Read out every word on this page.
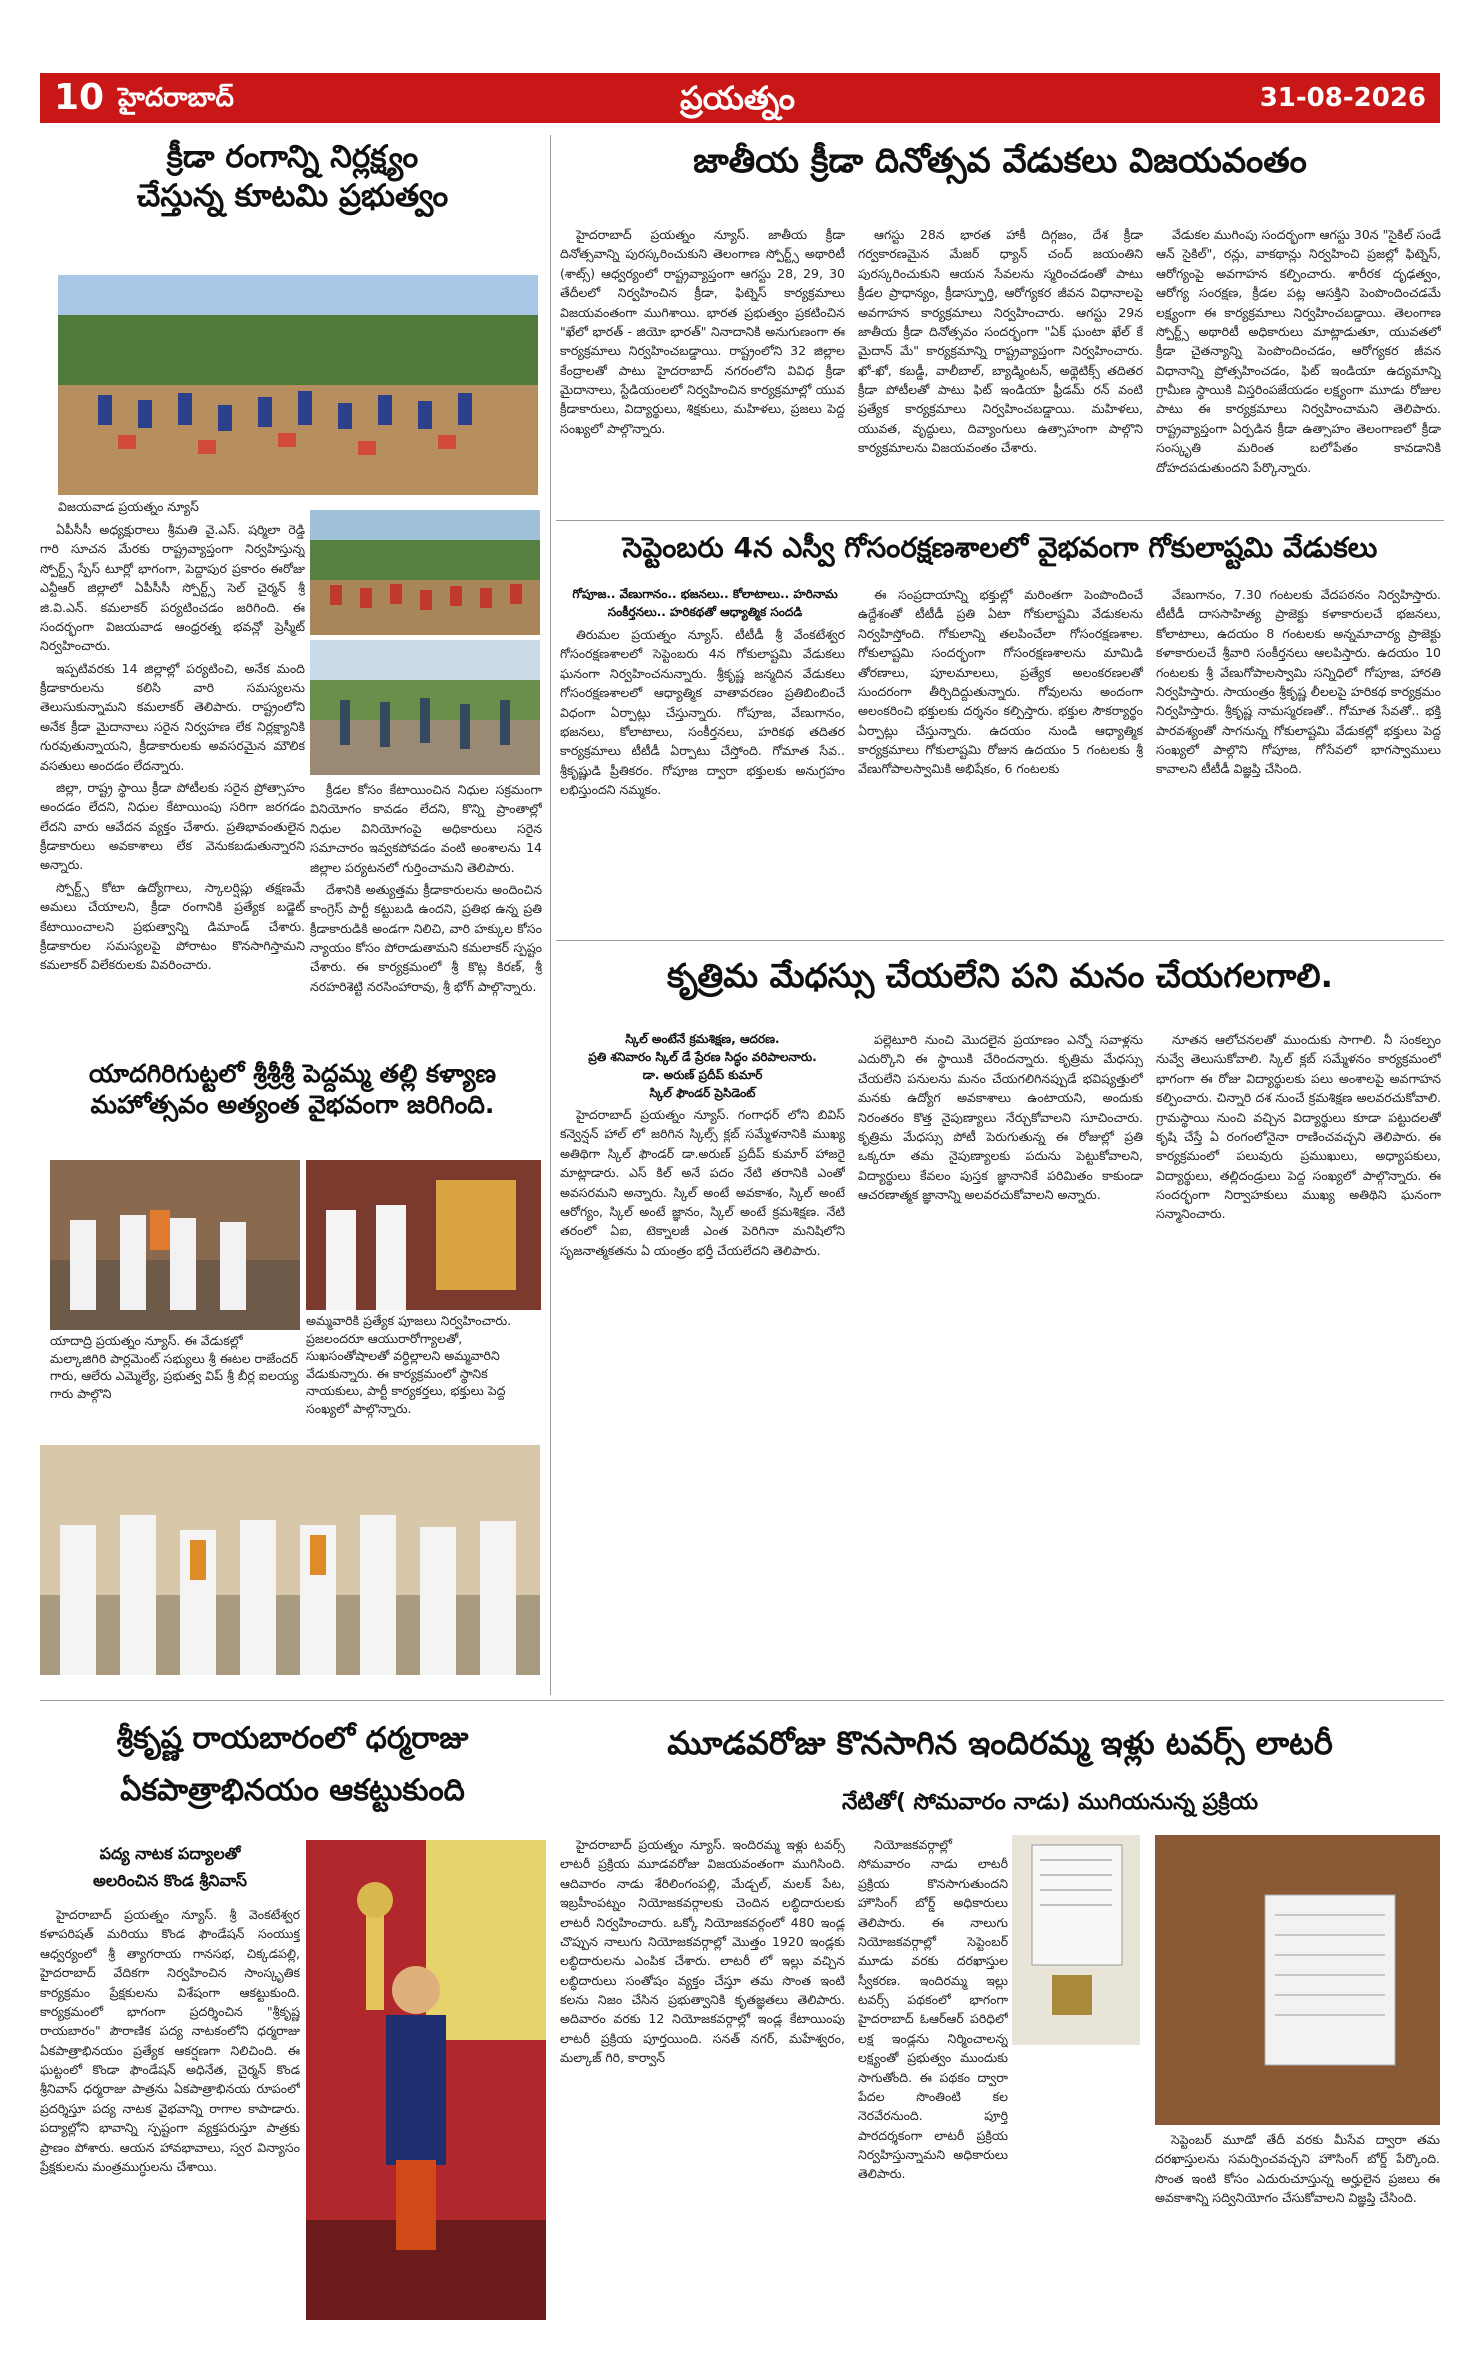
10 హైదరాబాద్	ప్రయత్నం	31-08-2026
క్రీడా రంగాన్ని నిర్లక్ష్యం
చేస్తున్న కూటమి ప్రభుత్వం
విజయవాడ ప్రయత్నం న్యూస్

ఏపీసీసీ అధ్యక్షురాలు శ్రీమతి వై.ఎస్. షర్మిలా రెడ్డి గారి సూచన మేరకు రాష్ట్రవ్యాప్తంగా నిర్వహిస్తున్న స్పోర్ట్స్ స్పేస్ టూర్లో భాగంగా, పెద్దాపుర ప్రకారం ఈరోజు ఎన్టీఆర్ జిల్లాలో ఏపీసీసీ స్పోర్ట్స్ సెల్ చైర్మన్ శ్రీ జి.వి.ఎన్. కమలాకర్ పర్యటించడం జరిగింది. ఈ సందర్భంగా విజయవాడ ఆంధ్రరత్న భవన్లో ప్రెస్మీట్ నిర్వహించారు.

ఇప్పటివరకు 14 జిల్లాల్లో పర్యటించి, అనేక మంది క్రీడాకారులను కలిసి వారి సమస్యలను తెలుసుకున్నామని కమలాకర్ తెలిపారు. రాష్ట్రంలోని అనేక క్రీడా మైదానాలు సరైన నిర్వహణ లేక నిర్లక్ష్యానికి గురవుతున్నాయని, క్రీడాకారులకు అవసరమైన మౌలిక వసతులు అందడం లేదన్నారు.

జిల్లా, రాష్ట్ర స్థాయి క్రీడా పోటీలకు సరైన ప్రోత్సాహం అందడం లేదని, నిధుల కేటాయింపు సరిగా జరగడం లేదని వారు ఆవేదన వ్యక్తం చేశారు. ప్రతిభావంతులైన క్రీడాకారులు అవకాశాలు లేక వెనుకబడుతున్నారని అన్నారు.

స్పోర్ట్స్ కోటా ఉద్యోగాలు, స్కాలర్షిప్లు తక్షణమే అమలు చేయాలని, క్రీడా రంగానికి ప్రత్యేక బడ్జెట్ కేటాయించాలని ప్రభుత్వాన్ని డిమాండ్ చేశారు. క్రీడాకారుల సమస్యలపై పోరాటం కొనసాగిస్తామని కమలాకర్ విలేకరులకు వివరించారు.

క్రీడల కోసం కేటాయించిన నిధుల సక్రమంగా వినియోగం కావడం లేదని, కొన్ని ప్రాంతాల్లో నిధుల వినియోగంపై అధికారులు సరైన సమాచారం ఇవ్వకపోవడం వంటి అంశాలను 14 జిల్లాల పర్యటనలో గుర్తించామని తెలిపారు.

దేశానికి అత్యుత్తమ క్రీడాకారులను అందించిన కాంగ్రెస్ పార్టీ కట్టుబడి ఉందని, ప్రతిభ ఉన్న ప్రతి క్రీడాకారుడికి అండగా నిలిచి, వారి హక్కుల కోసం న్యాయం కోసం పోరాడుతామని కమలాకర్ స్పష్టం చేశారు. ఈ కార్యక్రమంలో శ్రీ కొట్ల కిరణ్, శ్రీ నరహరిశెట్టి నరసింహారావు, శ్రీ భోగ్ పాల్గొన్నారు.

జాతీయ క్రీడా దినోత్సవ వేడుకలు విజయవంతం

హైదరాబాద్ ప్రయత్నం న్యూస్. జాతీయ క్రీడా దినోత్సవాన్ని పురస్కరించుకుని తెలంగాణ స్పోర్ట్స్ అథారిటీ (శాట్స్) ఆధ్వర్యంలో రాష్ట్రవ్యాప్తంగా ఆగస్టు 28, 29, 30 తేదీలలో నిర్వహించిన క్రీడా, ఫిట్నెస్ కార్యక్రమాలు విజయవంతంగా ముగిశాయి. భారత ప్రభుత్వం ప్రకటించిన "ఖేలో భారత్ - జియో భారత్" నినాదానికి అనుగుణంగా ఈ కార్యక్రమాలు నిర్వహించబడ్డాయి. రాష్ట్రంలోని 32 జిల్లాల కేంద్రాలతో పాటు హైదరాబాద్ నగరంలోని వివిధ క్రీడా మైదానాలు, స్టేడియంలలో నిర్వహించిన కార్యక్రమాల్లో యువ క్రీడాకారులు, విద్యార్థులు, శిక్షకులు, మహిళలు, ప్రజలు పెద్ద సంఖ్యలో పాల్గొన్నారు.

ఆగస్టు 28న భారత హాకీ దిగ్గజం, దేశ క్రీడా గర్వకారణమైన మేజర్ ధ్యాన్ చంద్ జయంతిని పురస్కరించుకుని ఆయన సేవలను స్మరించడంతో పాటు క్రీడల ప్రాధాన్యం, క్రీడాస్ఫూర్తి, ఆరోగ్యకర జీవన విధానాలపై అవగాహన కార్యక్రమాలు నిర్వహించారు. ఆగస్టు 29న జాతీయ క్రీడా దినోత్సవం సందర్భంగా "ఏక్ ఘంటా ఖేల్ కే మైదాన్ మే" కార్యక్రమాన్ని రాష్ట్రవ్యాప్తంగా నిర్వహించారు. ఖో-ఖో, కబడ్డీ, వాలీబాల్, బ్యాడ్మింటన్, అథ్లెటిక్స్ తదితర క్రీడా పోటీలతో పాటు ఫిట్ ఇండియా ఫ్రీడమ్ రన్ వంటి ప్రత్యేక కార్యక్రమాలు నిర్వహించబడ్డాయి. మహిళలు, యువత, వృద్ధులు, దివ్యాంగులు ఉత్సాహంగా పాల్గొని కార్యక్రమాలను విజయవంతం చేశారు.

వేడుకల ముగింపు సందర్భంగా ఆగస్టు 30న "సైకిల్ సండే ఆన్ సైకిల్", రన్లు, వాకథాన్లు నిర్వహించి ప్రజల్లో ఫిట్నెస్, ఆరోగ్యంపై అవగాహన కల్పించారు. శారీరక దృఢత్వం, ఆరోగ్య సంరక్షణ, క్రీడల పట్ల ఆసక్తిని పెంపొందించడమే లక్ష్యంగా ఈ కార్యక్రమాలు నిర్వహించబడ్డాయి. తెలంగాణ స్పోర్ట్స్ అథారిటీ అధికారులు మాట్లాడుతూ, యువతలో క్రీడా చైతన్యాన్ని పెంపొందించడం, ఆరోగ్యకర జీవన విధానాన్ని ప్రోత్సహించడం, ఫిట్ ఇండియా ఉద్యమాన్ని గ్రామీణ స్థాయికి విస్తరింపజేయడం లక్ష్యంగా మూడు రోజుల పాటు ఈ కార్యక్రమాలు నిర్వహించామని తెలిపారు. రాష్ట్రవ్యాప్తంగా ఏర్పడిన క్రీడా ఉత్సాహం తెలంగాణలో క్రీడా సంస్కృతి మరింత బలోపేతం కావడానికి దోహదపడుతుందని పేర్కొన్నారు.

సెప్టెంబరు 4న ఎస్వీ గోసంరక్షణశాలలో వైభవంగా గోకులాష్టమి వేడుకలు
గోపూజ.. వేణుగానం.. భజనలు.. కోలాటాలు.. హరినామ సంకీర్తనలు.. హరికథతో ఆధ్యాత్మిక సందడి

తిరుమల ప్రయత్నం న్యూస్. టీటీడీ శ్రీ వేంకటేశ్వర గోసంరక్షణశాలలో సెప్టెంబరు 4న గోకులాష్టమి వేడుకలు ఘనంగా నిర్వహించనున్నారు. శ్రీకృష్ణ జన్మదిన వేడుకలు గోసంరక్షణశాలలో ఆధ్యాత్మిక వాతావరణం ప్రతిబింబించే విధంగా ఏర్పాట్లు చేస్తున్నారు. గోపూజ, వేణుగానం, భజనలు, కోలాటాలు, సంకీర్తనలు, హరికథ తదితర కార్యక్రమాలు టీటీడీ ఏర్పాటు చేస్తోంది. గోమాత సేవ.. శ్రీకృష్ణుడి ప్రీతికరం. గోపూజ ద్వారా భక్తులకు అనుగ్రహం లభిస్తుందని నమ్మకం.

ఈ సంప్రదాయాన్ని భక్తుల్లో మరింతగా పెంపొందించే ఉద్దేశంతో టీటీడీ ప్రతి ఏటా గోకులాష్టమి వేడుకలను నిర్వహిస్తోంది. గోకులాన్ని తలపించేలా గోసంరక్షణశాల. గోకులాష్టమి సందర్భంగా గోసంరక్షణశాలను మామిడి తోరణాలు, పూలమాలలు, ప్రత్యేక అలంకరణలతో సుందరంగా తీర్చిదిద్దుతున్నారు. గోవులను అందంగా అలంకరించి భక్తులకు దర్శనం కల్పిస్తారు. భక్తుల సౌకర్యార్థం ఏర్పాట్లు చేస్తున్నారు. ఉదయం నుండి ఆధ్యాత్మిక కార్యక్రమాలు గోకులాష్టమి రోజున ఉదయం 5 గంటలకు శ్రీ వేణుగోపాలస్వామికి అభిషేకం, 6 గంటలకు

వేణుగానం, 7.30 గంటలకు వేదపఠనం నిర్వహిస్తారు. టీటీడీ దాససాహిత్య ప్రాజెక్టు కళాకారులచే భజనలు, కోలాటాలు, ఉదయం 8 గంటలకు అన్నమాచార్య ప్రాజెక్టు కళాకారులచే శ్రీవారి సంకీర్తనలు ఆలపిస్తారు. ఉదయం 10 గంటలకు శ్రీ వేణుగోపాలస్వామి సన్నిధిలో గోపూజ, హారతి నిర్వహిస్తారు. సాయంత్రం శ్రీకృష్ణ లీలలపై హరికథ కార్యక్రమం నిర్వహిస్తారు. శ్రీకృష్ణ నామస్మరణతో.. గోమాత సేవతో.. భక్తి పారవశ్యంతో సాగనున్న గోకులాష్టమి వేడుకల్లో భక్తులు పెద్ద సంఖ్యలో పాల్గొని గోపూజ, గోసేవలో భాగస్వాములు కావాలని టీటీడీ విజ్ఞప్తి చేసింది.

కృత్రిమ మేధస్సు చేయలేని పని మనం చేయగలగాలి.
స్కిల్ అంటేనే క్రమశిక్షణ, ఆదరణ.
ప్రతి శనివారం స్కిల్ డే ప్రేరణ సిద్ధం వరిపాలనారు.
డా. అరుణ్ ప్రదీప్ కుమార్
స్కిల్ ఫౌండర్ ప్రెసిడెంట్

హైదరాబాద్ ప్రయత్నం న్యూస్. గంగాధర్ లోని బివిస్ కన్వెన్షన్ హాల్ లో జరిగిన స్కిల్స్ క్లబ్ సమ్మేళనానికి ముఖ్య అతిథిగా స్కిల్ ఫౌండర్ డా.అరుణ్ ప్రదీప్ కుమార్ హాజరై మాట్లాడారు. ఎస్ కిల్ అనే పదం నేటి తరానికి ఎంతో అవసరమని అన్నారు. స్కిల్ అంటే అవకాశం, స్కిల్ అంటే ఆరోగ్యం, స్కిల్ అంటే జ్ఞానం, స్కిల్ అంటే క్రమశిక్షణ. నేటి తరంలో ఏఐ, టెక్నాలజీ ఎంత పెరిగినా మనిషిలోని సృజనాత్మకతను ఏ యంత్రం భర్తీ చేయలేదని తెలిపారు.

పల్లెటూరి నుంచి మొదలైన ప్రయాణం ఎన్నో సవాళ్లను ఎదుర్కొని ఈ స్థాయికి చేరిందన్నారు. కృత్రిమ మేధస్సు చేయలేని పనులను మనం చేయగలిగినప్పుడే భవిష్యత్తులో మనకు ఉద్యోగ అవకాశాలు ఉంటాయని, అందుకు నిరంతరం కొత్త నైపుణ్యాలు నేర్చుకోవాలని సూచించారు. కృత్రిమ మేధస్సు పోటీ పెరుగుతున్న ఈ రోజుల్లో ప్రతి ఒక్కరూ తమ నైపుణ్యాలకు పదును పెట్టుకోవాలని, విద్యార్థులు కేవలం పుస్తక జ్ఞానానికే పరిమితం కాకుండా ఆచరణాత్మక జ్ఞానాన్ని అలవరచుకోవాలని అన్నారు.

నూతన ఆలోచనలతో ముందుకు సాగాలి. నీ సంకల్పం నువ్వే తెలుసుకోవాలి. స్కిల్ క్లబ్ సమ్మేళనం కార్యక్రమంలో భాగంగా ఈ రోజు విద్యార్థులకు పలు అంశాలపై అవగాహన కల్పించారు. చిన్నారి దశ నుంచే క్రమశిక్షణ అలవరచుకోవాలి. గ్రామస్థాయి నుంచి వచ్చిన విద్యార్థులు కూడా పట్టుదలతో కృషి చేస్తే ఏ రంగంలోనైనా రాణించవచ్చని తెలిపారు. ఈ కార్యక్రమంలో పలువురు ప్రముఖులు, అధ్యాపకులు, విద్యార్థులు, తల్లిదండ్రులు పెద్ద సంఖ్యలో పాల్గొన్నారు. ఈ సందర్భంగా నిర్వాహకులు ముఖ్య అతిథిని ఘనంగా సన్మానించారు.

యాదగిరిగుట్టలో శ్రీశ్రీశ్రీ పెద్దమ్మ తల్లి కళ్యాణ
మహోత్సవం అత్యంత వైభవంగా జరిగింది.
యాదాద్రి ప్రయత్నం న్యూస్. ఈ వేడుకల్లో మల్కాజిగిరి పార్లమెంట్ సభ్యులు శ్రీ ఈటల రాజేందర్ గారు, ఆలేరు ఎమ్మెల్యే, ప్రభుత్వ విప్ శ్రీ బీర్ల ఐలయ్య గారు పాల్గొని
అమ్మవారికి ప్రత్యేక పూజలు నిర్వహించారు. ప్రజలందరూ ఆయురారోగ్యాలతో, సుఖసంతోషాలతో వర్ధిల్లాలని అమ్మవారిని వేడుకున్నారు. ఈ కార్యక్రమంలో స్థానిక నాయకులు, పార్టీ కార్యకర్తలు, భక్తులు పెద్ద సంఖ్యలో పాల్గొన్నారు.
శ్రీకృష్ణ రాయబారంలో ధర్మరాజు
ఏకపాత్రాభినయం ఆకట్టుకుంది
పద్య నాటక పద్యాలతో
అలరించిన కొండ శ్రీనివాస్

హైదరాబాద్ ప్రయత్నం న్యూస్. శ్రీ వెంకటేశ్వర కళాపరిషత్ మరియు కొండ ఫౌండేషన్ సంయుక్త ఆధ్వర్యంలో శ్రీ త్యాగరాయ గానసభ, చిక్కడపల్లి, హైదరాబాద్ వేదికగా నిర్వహించిన సాంస్కృతిక కార్యక్రమం ప్రేక్షకులను విశేషంగా ఆకట్టుకుంది. కార్యక్రమంలో భాగంగా ప్రదర్శించిన "శ్రీకృష్ణ రాయబారం" పౌరాణిక పద్య నాటకంలోని ధర్మరాజు ఏకపాత్రాభినయం ప్రత్యేక ఆకర్షణగా నిలిచింది. ఈ ఘట్టంలో కొండా ఫౌండేషన్ అధినేత, చైర్మన్ కొండ శ్రీనివాస్ ధర్మరాజు పాత్రను ఏకపాత్రాభినయ రూపంలో ప్రదర్శిస్తూ పద్య నాటక వైభవాన్ని రాగాల కాపాడారు. పద్యాల్లోని భావాన్ని స్పష్టంగా వ్యక్తపరుస్తూ పాత్రకు ప్రాణం పోశారు. ఆయన హావభావాలు, స్వర విన్యాసం ప్రేక్షకులను మంత్రముగ్ధులను చేశాయి.

మూడవరోజు కొనసాగిన ఇందిరమ్మ ఇళ్లు టవర్స్ లాటరీ
నేటితో( సోమవారం నాడు) ముగియనున్న ప్రక్రియ

హైదరాబాద్ ప్రయత్నం న్యూస్. ఇందిరమ్మ ఇళ్లు టవర్స్ లాటరీ ప్రక్రియ మూడవరోజు విజయవంతంగా ముగిసింది. ఆదివారం నాడు శేరిలింగంపల్లి, మేడ్చల్, మలక్ పేట, ఇబ్రహీంపట్నం నియోజకవర్గాలకు చెందిన లబ్ధిదారులకు లాటరీ నిర్వహించారు. ఒక్కో నియోజకవర్గంలో 480 ఇండ్ల చొప్పున నాలుగు నియోజకవర్గాల్లో మొత్తం 1920 ఇండ్లకు లబ్ధిదారులను ఎంపిక చేశారు. లాటరీ లో ఇల్లు వచ్చిన లబ్ధిదారులు సంతోషం వ్యక్తం చేస్తూ తమ సొంత ఇంటి కలను నిజం చేసిన ప్రభుత్వానికి కృతజ్ఞతలు తెలిపారు. అదివారం వరకు 12 నియోజకవర్గాల్లో ఇండ్ల కేటాయింపు లాటరీ ప్రక్రియ పూర్తయింది. సనత్ నగర్, మహేశ్వరం, మల్కాజ్ గిరి, కార్వాన్

నియోజకవర్గాల్లో సోమవారం నాడు లాటరీ ప్రక్రియ కొనసాగుతుందని హౌసింగ్ బోర్డ్ అధికారులు తెలిపారు. ఈ నాలుగు నియోజకవర్గాల్లో సెప్టెంబర్ మూడు వరకు దరఖాస్తుల స్వీకరణ. ఇందిరమ్మ ఇల్లు టవర్స్ పథకంలో భాగంగా హైదరాబాద్ ఓఆర్ఆర్ పరిధిలో లక్ష ఇండ్లను నిర్మించాలన్న లక్ష్యంతో ప్రభుత్వం ముందుకు సాగుతోంది. ఈ పథకం ద్వారా పేదల సొంతింటి కల నెరవేరనుంది. పూర్తి పారదర్శకంగా లాటరీ ప్రక్రియ నిర్వహిస్తున్నామని అధికారులు తెలిపారు.

సెప్టెంబర్ మూడో తేదీ వరకు మీసేవ ద్వారా తమ దరఖాస్తులను సమర్పించవచ్చని హౌసింగ్ బోర్డ్ పేర్కొంది. సొంత ఇంటి కోసం ఎదురుచూస్తున్న అర్హులైన ప్రజలు ఈ అవకాశాన్ని సద్వినియోగం చేసుకోవాలని విజ్ఞప్తి చేసింది.
